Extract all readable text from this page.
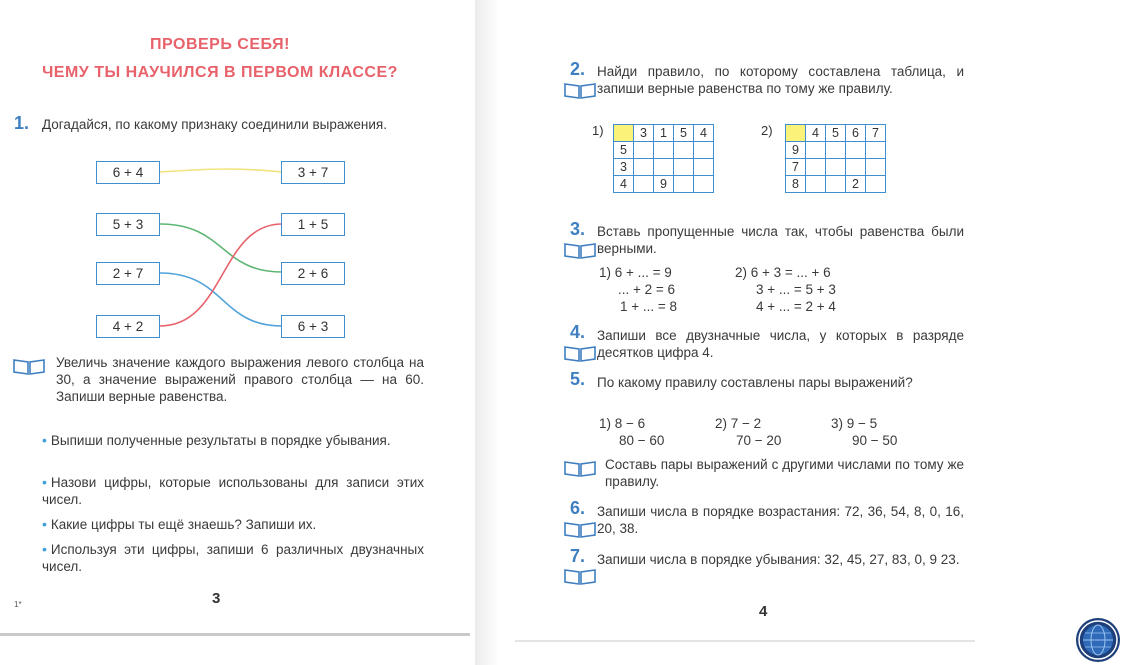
ПРОВЕРЬ СЕБЯ!
ЧЕМУ ТЫ НАУЧИЛСЯ В ПЕРВОМ КЛАССЕ?
1. Догадайся, по какому признаку соединили выражения.
6 + 4
5 + 3
2 + 7
4 + 2
3 + 7
1 + 5
2 + 6
6 + 3
Увеличь значение каждого выражения левого столбца на 30, а значение выражений правого столбца — на 60. Запиши верные равенства.
• Выпиши полученные результаты в порядке убывания.
• Назови цифры, которые использованы для записи этих чисел.
• Какие цифры ты ещё знаешь? Запиши их.
• Используя эти цифры, запиши 6 различных двузначных чисел.
1*	3
2. Найди правило, по которому составлена таблица, и запиши верные равенства по тому же правилу.
1)
		3	1	5	4
5				
3				
4		9		
2)
		4	5	6	7
9				
7				
8			2	
3. Вставь пропущенные числа так, чтобы равенства были верными.
1) 6 + ... = 9
... + 2 = 6
1 + ... = 8
2) 6 + 3 = ... + 6
3 + ... = 5 + 3
4 + ... = 2 + 4
4. Запиши все двузначные числа, у которых в разряде десятков цифра 4.
5. По какому правилу составлены пары выражений?
1) 8 − 6
80 − 60
2) 7 − 2
70 − 20
3) 9 − 5
90 − 50
Составь пары выражений с другими числами по тому же правилу.
6. Запиши числа в порядке возрастания: 72, 36, 54, 8, 0, 16, 20, 38.
7. Запиши числа в порядке убывания: 32, 45, 27, 83, 0, 9 23.
4
